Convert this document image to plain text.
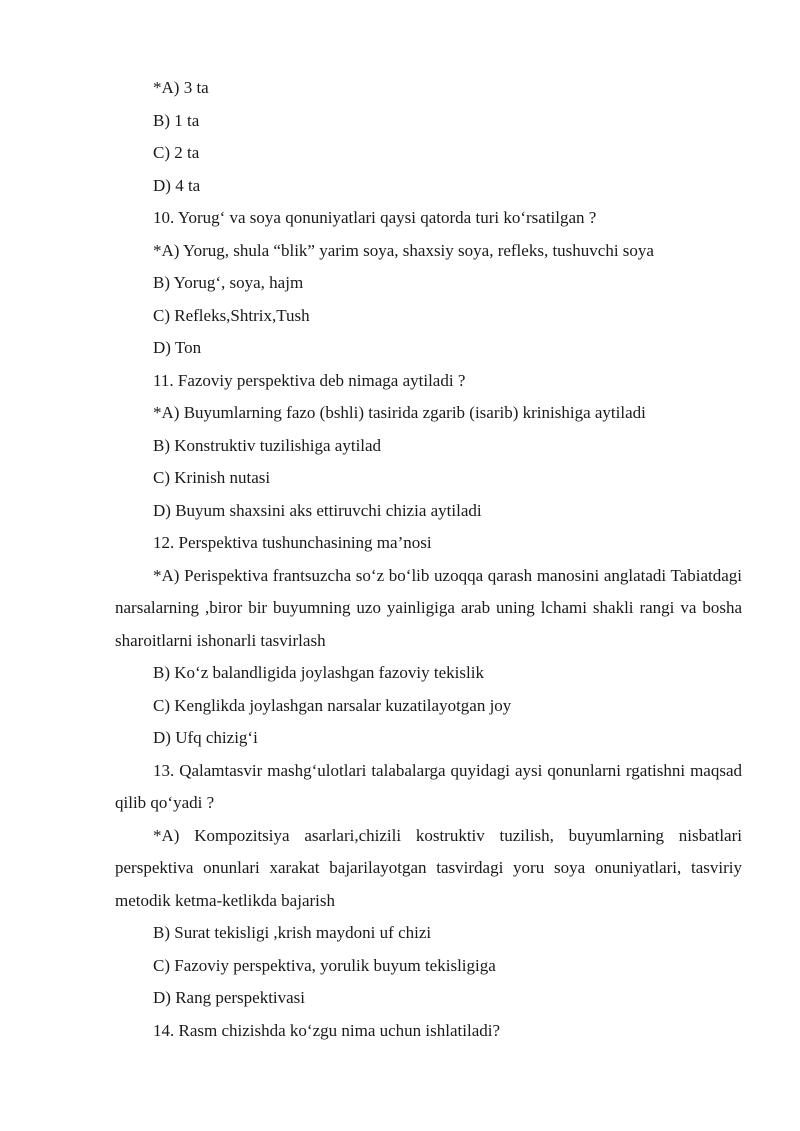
*A) 3 ta
B) 1 ta
C) 2 ta
D) 4 ta
10. Yorug‘ va soya qonuniyatlari qaysi qatorda turi ko‘rsatilgan ?
*A) Yorug, shula “blik” yarim soya, shaxsiy soya, refleks, tushuvchi soya
B) Yorug‘, soya, hajm
C) Refleks,Shtrix,Tush
D) Ton
11. Fazoviy perspektiva deb nimaga aytiladi ?
*A) Buyumlarning fazo (bshli) tasirida zgarib (isarib) krinishiga aytiladi
B) Konstruktiv tuzilishiga aytilad
C) Krinish nutasi
D) Buyum shaxsini aks ettiruvchi chizia aytiladi
12. Perspektiva tushunchasining ma’nosi

*A) Perispektiva frantsuzcha so‘z bo‘lib uzoqqa qarash manosini anglatadi Tabiatdagi narsalarning ,biror bir buyumning uzo yainligiga arab uning lchami shakli rangi va bosha sharoitlarni ishonarli tasvirlash

B) Ko‘z balandligida joylashgan fazoviy tekislik
C) Kenglikda joylashgan narsalar kuzatilayotgan joy
D) Ufq chizig‘i

13. Qalamtasvir mashg‘ulotlari talabalarga quyidagi aysi qonunlarni rgatishni maqsad qilib qo‘yadi ?

*A) Kompozitsiya asarlari,chizili kostruktiv tuzilish, buyumlarning nisbatlari perspektiva onunlari xarakat bajarilayotgan tasvirdagi yoru soya onuniyatlari, tasviriy metodik ketma-ketlikda bajarish

B) Surat tekisligi ,krish maydoni uf chizi
C) Fazoviy perspektiva, yorulik buyum tekisligiga
D) Rang perspektivasi
14. Rasm chizishda ko‘zgu nima uchun ishlatiladi?
